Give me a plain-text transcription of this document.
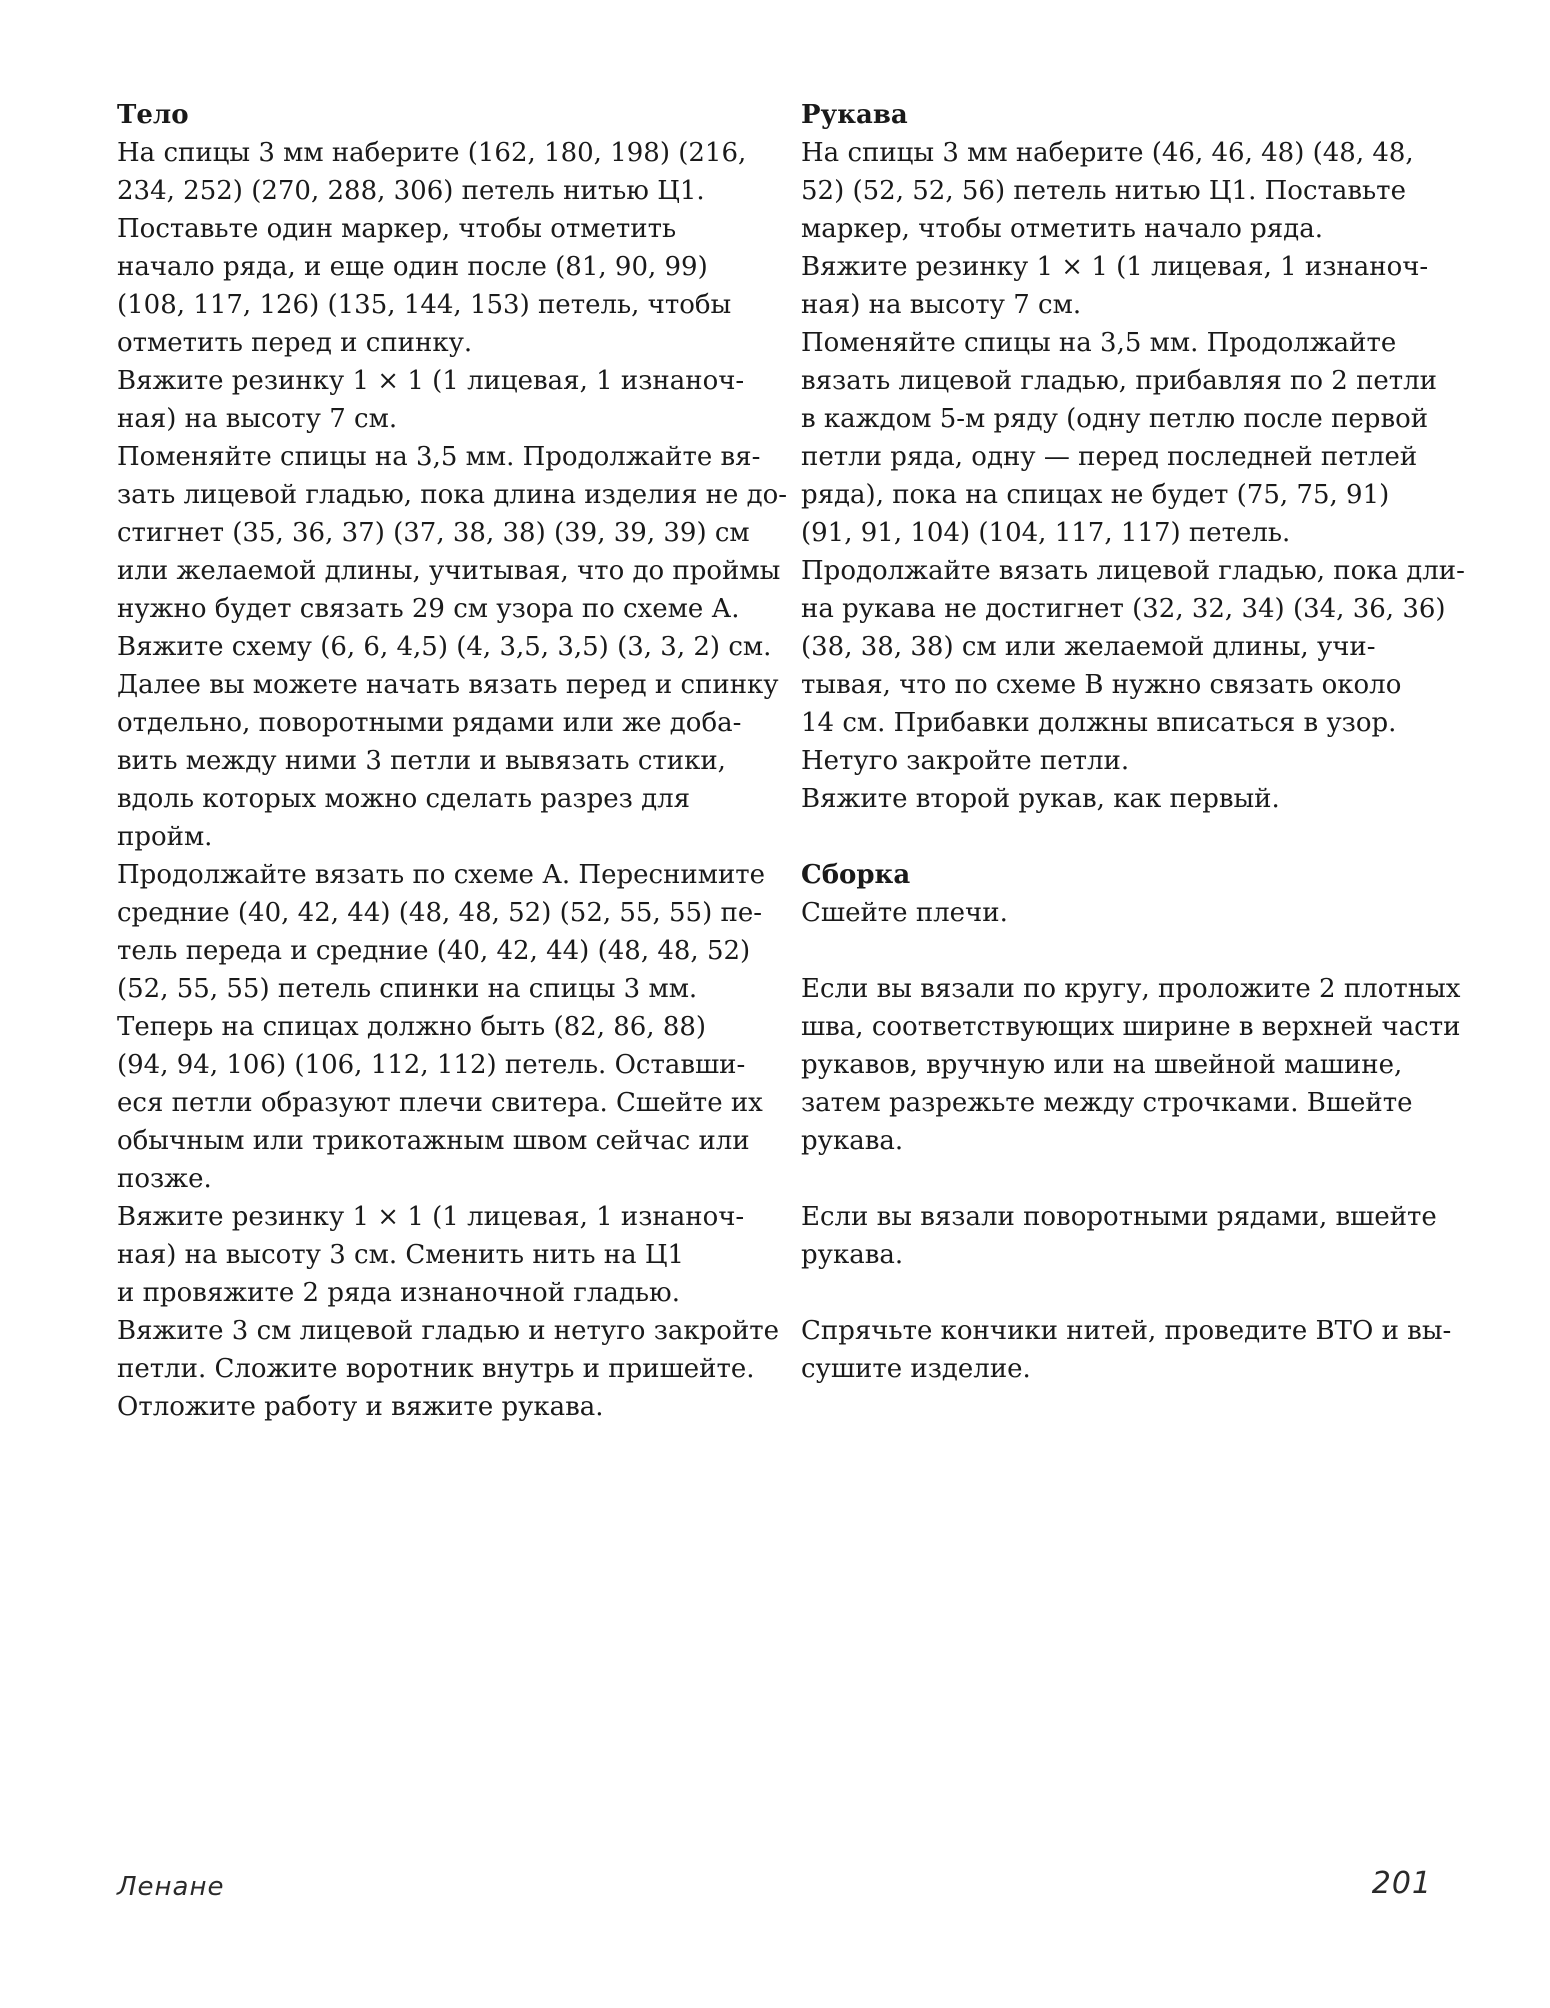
Тело
На спицы 3 мм наберите (162, 180, 198) (216,
234, 252) (270, 288, 306) петель нитью Ц1.
Поставьте один маркер, чтобы отметить
начало ряда, и еще один после (81, 90, 99)
(108, 117, 126) (135, 144, 153) петель, чтобы
отметить перед и спинку.
Вяжите резинку 1 × 1 (1 лицевая, 1 изнаноч-
ная) на высоту 7 см.
Поменяйте спицы на 3,5 мм. Продолжайте вя-
зать лицевой гладью, пока длина изделия не до-
стигнет (35, 36, 37) (37, 38, 38) (39, 39, 39) см
или желаемой длины, учитывая, что до проймы
нужно будет связать 29 см узора по схеме А.
Вяжите схему (6, 6, 4,5) (4, 3,5, 3,5) (3, 3, 2) см.
Далее вы можете начать вязать перед и спинку
отдельно, поворотными рядами или же доба-
вить между ними 3 петли и вывязать стики,
вдоль которых можно сделать разрез для
пройм.
Продолжайте вязать по схеме А. Переснимите
средние (40, 42, 44) (48, 48, 52) (52, 55, 55) пе-
тель переда и средние (40, 42, 44) (48, 48, 52)
(52, 55, 55) петель спинки на спицы 3 мм.
Теперь на спицах должно быть (82, 86, 88)
(94, 94, 106) (106, 112, 112) петель. Оставши-
еся петли образуют плечи свитера. Сшейте их
обычным или трикотажным швом сейчас или
позже.
Вяжите резинку 1 × 1 (1 лицевая, 1 изнаноч-
ная) на высоту 3 см. Сменить нить на Ц1
и провяжите 2 ряда изнаночной гладью.
Вяжите 3 см лицевой гладью и нетуго закройте
петли. Сложите воротник внутрь и пришейте.
Отложите работу и вяжите рукава.
Рукава
На спицы 3 мм наберите (46, 46, 48) (48, 48,
52) (52, 52, 56) петель нитью Ц1. Поставьте
маркер, чтобы отметить начало ряда.
Вяжите резинку 1 × 1 (1 лицевая, 1 изнаноч-
ная) на высоту 7 см.
Поменяйте спицы на 3,5 мм. Продолжайте
вязать лицевой гладью, прибавляя по 2 петли
в каждом 5-м ряду (одну петлю после первой
петли ряда, одну — перед последней петлей
ряда), пока на спицах не будет (75, 75, 91)
(91, 91, 104) (104, 117, 117) петель.
Продолжайте вязать лицевой гладью, пока дли-
на рукава не достигнет (32, 32, 34) (34, 36, 36)
(38, 38, 38) см или желаемой длины, учи-
тывая, что по схеме В нужно связать около
14 см. Прибавки должны вписаться в узор.
Нетуго закройте петли.
Вяжите второй рукав, как первый.
Сборка
Сшейте плечи.
Если вы вязали по кругу, проложите 2 плотных
шва, соответствующих ширине в верхней части
рукавов, вручную или на швейной машине,
затем разрежьте между строчками. Вшейте
рукава.
Если вы вязали поворотными рядами, вшейте
рукава.
Спрячьте кончики нитей, проведите ВТО и вы-
сушите изделие.
Ленане	201
